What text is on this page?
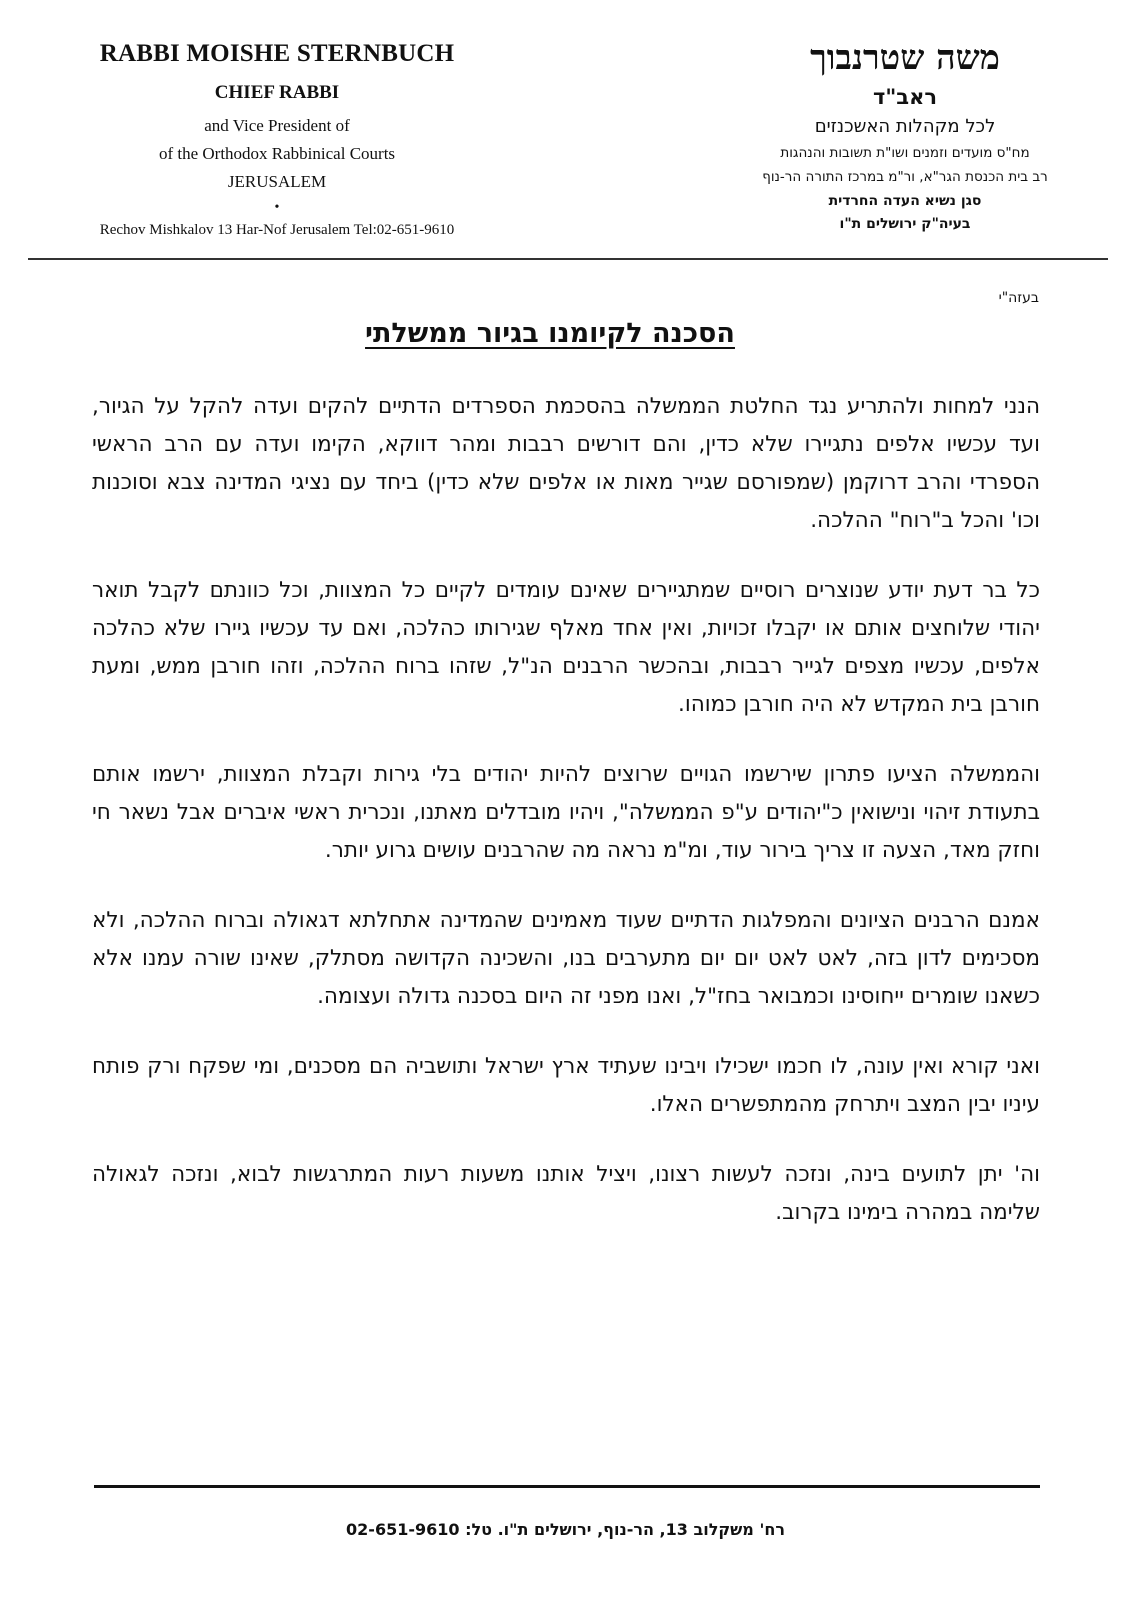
RABBI MOISHE STERNBUCH
CHIEF RABBI
and Vice President of
of the Orthodox Rabbinical Courts
JERUSALEM
•
Rechov Mishkalov 13 Har-Nof Jerusalem Tel:02-651-9610
משה שטרנבוך
ראב"ד
לכל מקהלות האשכנזים
מח"ס מועדים וזמנים ושו"ת תשובות והנהגות
רב בית הכנסת הגר"א, ור"מ במרכז התורה הר-נוף
סגן נשיא העדה החרדית
בעיה"ק ירושלים ת"ו
בעזה"י
הסכנה לקיומנו בגיור ממשלתי

הנני למחות ולהתריע נגד החלטת הממשלה בהסכמת הספרדים הדתיים להקים ועדה להקל על הגיור, ועד עכשיו אלפים נתגיירו שלא כדין, והם דורשים רבבות ומהר דווקא, הקימו ועדה עם הרב הראשי הספרדי והרב דרוקמן (שמפורסם שגייר מאות או אלפים שלא כדין) ביחד עם נציגי המדינה צבא וסוכנות וכו' והכל ב"רוח" ההלכה.

כל בר דעת יודע שנוצרים רוסיים שמתגיירים שאינם עומדים לקיים כל המצוות, וכל כוונתם לקבל תואר יהודי שלוחצים אותם או יקבלו זכויות, ואין אחד מאלף שגירותו כהלכה, ואם עד עכשיו גיירו שלא כהלכה אלפים, עכשיו מצפים לגייר רבבות, ובהכשר הרבנים הנ"ל, שזהו ברוח ההלכה, וזהו חורבן ממש, ומעת חורבן בית המקדש לא היה חורבן כמוהו.

והממשלה הציעו פתרון שירשמו הגויים שרוצים להיות יהודים בלי גירות וקבלת המצוות, ירשמו אותם בתעודת זיהוי ונישואין כ"יהודים ע"פ הממשלה", ויהיו מובדלים מאתנו, ונכרית ראשי איברים אבל נשאר חי וחזק מאד, הצעה זו צריך בירור עוד, ומ"מ נראה מה שהרבנים עושים גרוע יותר.

אמנם הרבנים הציונים והמפלגות הדתיים שעוד מאמינים שהמדינה אתחלתא דגאולה וברוח ההלכה, ולא מסכימים לדון בזה, לאט לאט יום יום מתערבים בנו, והשכינה הקדושה מסתלק, שאינו שורה עמנו אלא כשאנו שומרים ייחוסינו וכמבואר בחז"ל, ואנו מפני זה היום בסכנה גדולה ועצומה.

ואני קורא ואין עונה, לו חכמו ישכילו ויבינו שעתיד ארץ ישראל ותושביה הם מסכנים, ומי שפקח ורק פותח עיניו יבין המצב ויתרחק מהמתפשרים האלו.

וה' יתן לתועים בינה, ונזכה לעשות רצונו, ויציל אותנו משעות רעות המתרגשות לבוא, ונזכה לגאולה שלימה במהרה בימינו בקרוב.

רח' משקלוב 13, הר-נוף, ירושלים ת"ו. טל: 02-651-9610
